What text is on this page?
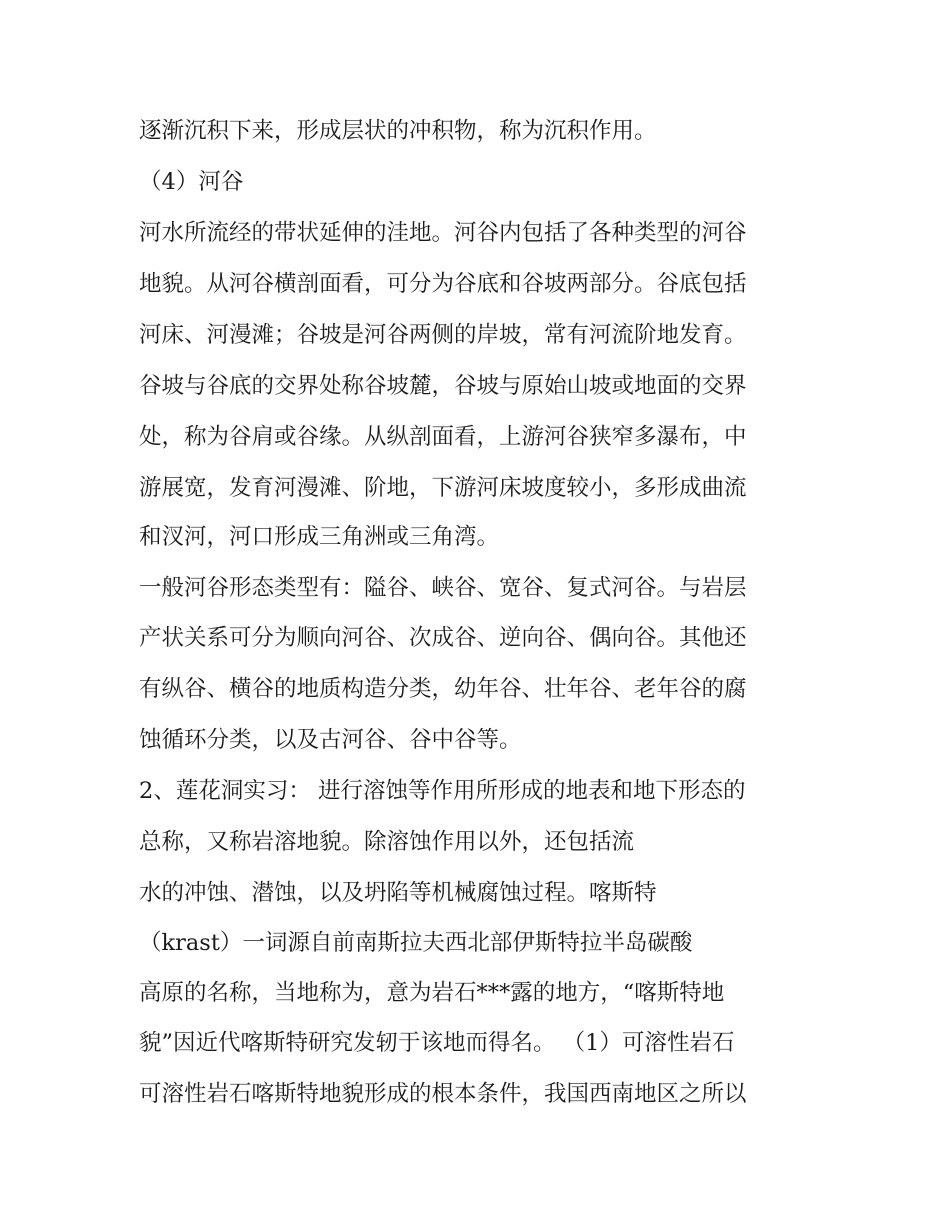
逐渐沉积下来，形成层状的冲积物，称为沉积作用。
（4）河谷
河水所流经的带状延伸的洼地。河谷内包括了各种类型的河谷
地貌。从河谷横剖面看，可分为谷底和谷坡两部分。谷底包括
河床、河漫滩；谷坡是河谷两侧的岸坡，常有河流阶地发育。
谷坡与谷底的交界处称谷坡麓，谷坡与原始山坡或地面的交界
处，称为谷肩或谷缘。从纵剖面看，上游河谷狭窄多瀑布，中
游展宽，发育河漫滩、阶地，下游河床坡度较小，多形成曲流
和汊河，河口形成三角洲或三角湾。
一般河谷形态类型有：隘谷、峡谷、宽谷、复式河谷。与岩层
产状关系可分为顺向河谷、次成谷、逆向谷、偶向谷。其他还
有纵谷、横谷的地质构造分类，幼年谷、壮年谷、老年谷的腐
蚀循环分类，以及古河谷、谷中谷等。
2、莲花洞实习： 进行溶蚀等作用所形成的地表和地下形态的
总称，又称岩溶地貌。除溶蚀作用以外，还包括流
水的冲蚀、潜蚀，以及坍陷等机械腐蚀过程。喀斯特
（krast）一词源自前南斯拉夫西北部伊斯特拉半岛碳酸
高原的名称，当地称为，意为岩石***露的地方，“喀斯特地
貌”因近代喀斯特研究发轫于该地而得名。 （1）可溶性岩石
可溶性岩石喀斯特地貌形成的根本条件，我国西南地区之所以
